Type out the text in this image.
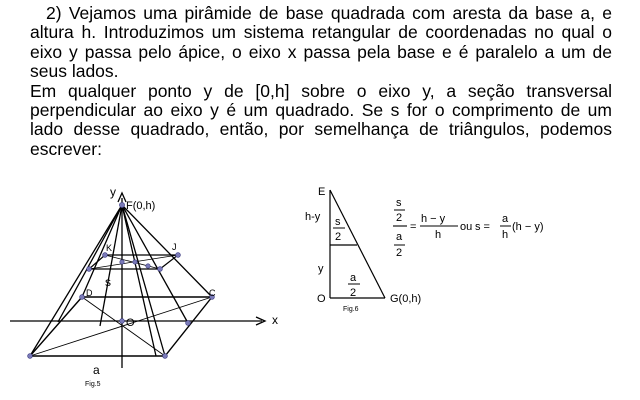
2) Vejamos uma pirâmide de base quadrada com aresta da base a, e altura h. Introduzimos um sistema retangular de coordenadas no qual o eixo y passa pelo ápice, o eixo x passa pela base e é paralelo a um de seus lados.

Em qualquer ponto y de [0,h] sobre o eixo y, a seção transversal perpendicular ao eixo y é um quadrado. Se s for o comprimento de um lado desse quadrado, então, por semelhança de triângulos, podemos escrever:

y
F(0,h)
K	J
s
D	C
O	x
a
Fig.5
E
h-y s
2
y
a
2
O	G(0,h)
Fig.6
s
2
a
2
=
h − y
h
ou s =
a
h
(h − y)
